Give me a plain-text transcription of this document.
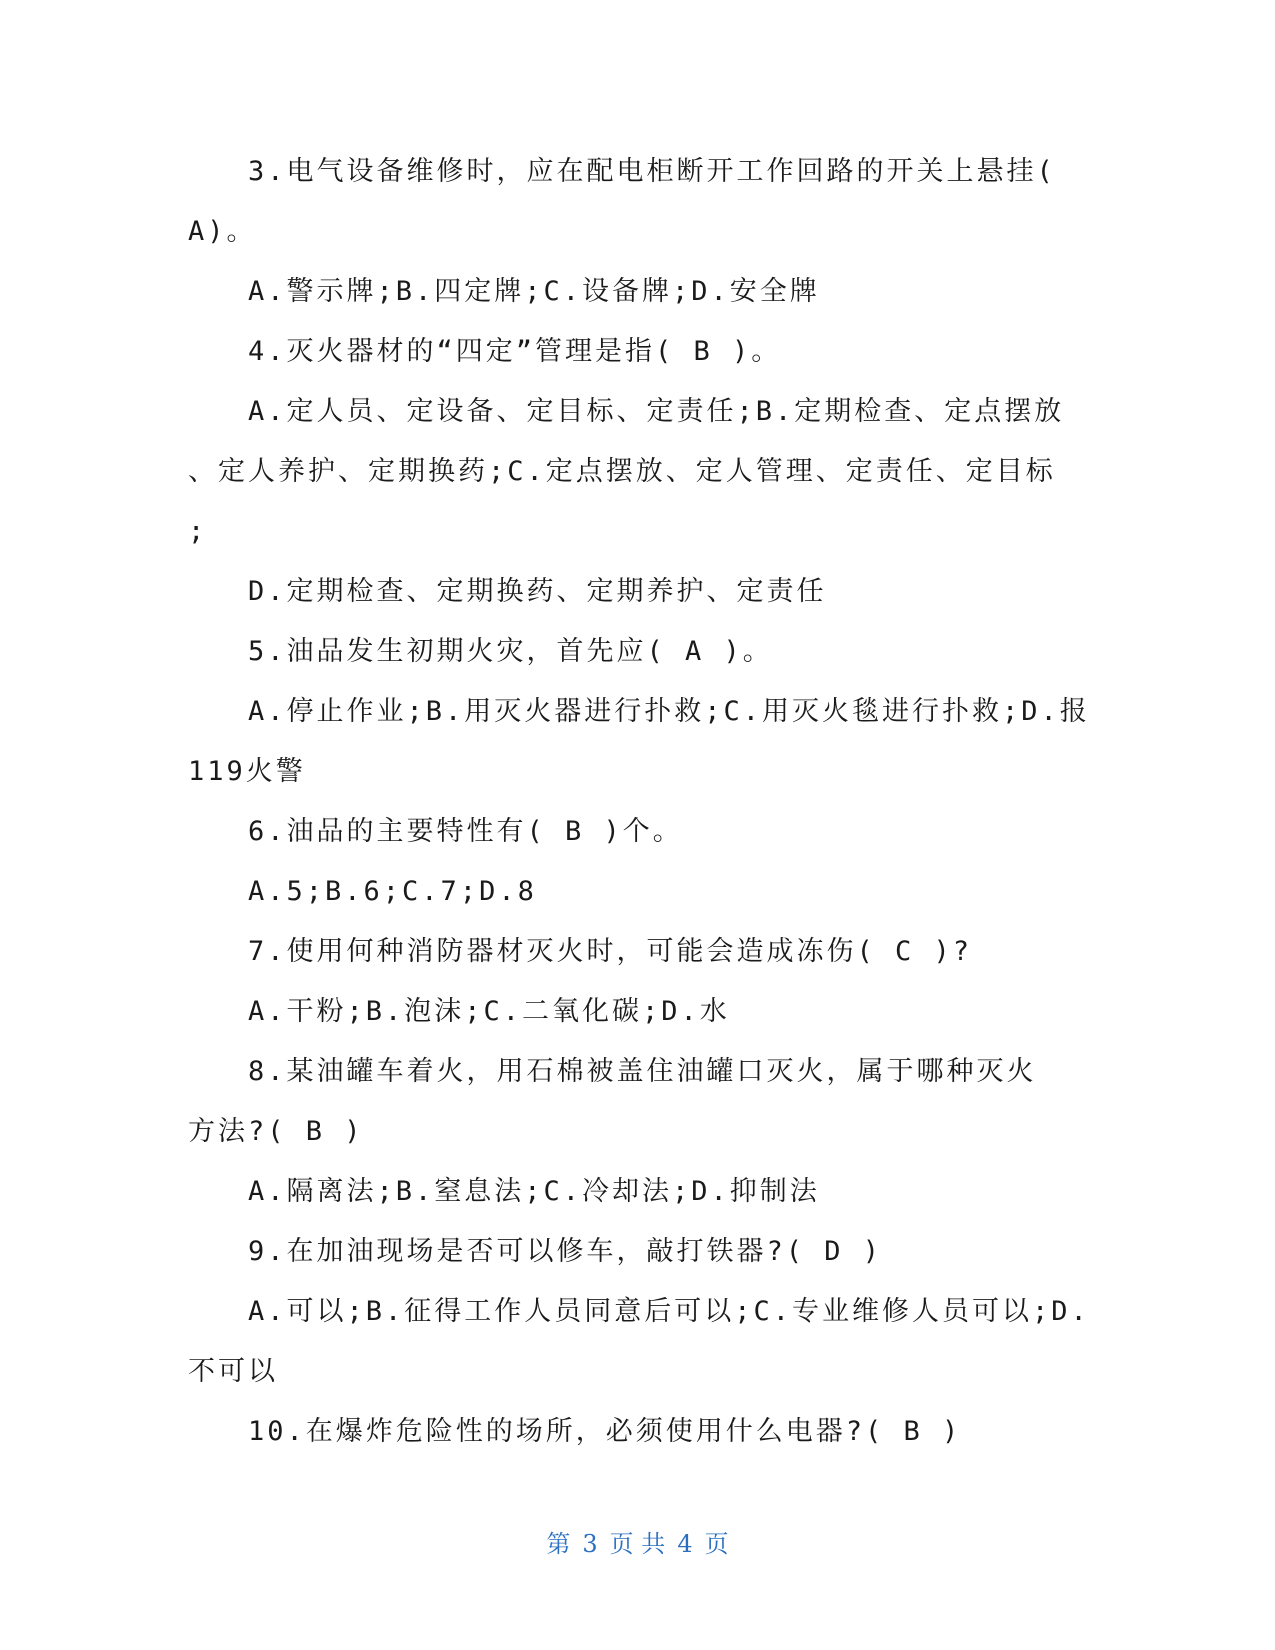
3.电气设备维修时，应在配电柜断开工作回路的开关上悬挂(
A)。
A.警示牌;B.四定牌;C.设备牌;D.安全牌
4.灭火器材的“四定”管理是指( B )。
A.定人员、定设备、定目标、定责任;B.定期检查、定点摆放
、定人养护、定期换药;C.定点摆放、定人管理、定责任、定目标
;
D.定期检查、定期换药、定期养护、定责任
5.油品发生初期火灾，首先应( A )。
A.停止作业;B.用灭火器进行扑救;C.用灭火毯进行扑救;D.报
119火警
6.油品的主要特性有( B )个。
A.5;B.6;C.7;D.8
7.使用何种消防器材灭火时，可能会造成冻伤( C )?
A.干粉;B.泡沫;C.二氧化碳;D.水
8.某油罐车着火，用石棉被盖住油罐口灭火，属于哪种灭火
方法?( B )
A.隔离法;B.窒息法;C.冷却法;D.抑制法
9.在加油现场是否可以修车，敲打铁器?( D )
A.可以;B.征得工作人员同意后可以;C.专业维修人员可以;D.
不可以
10.在爆炸危险性的场所，必须使用什么电器?( B )
第 3 页 共 4 页
